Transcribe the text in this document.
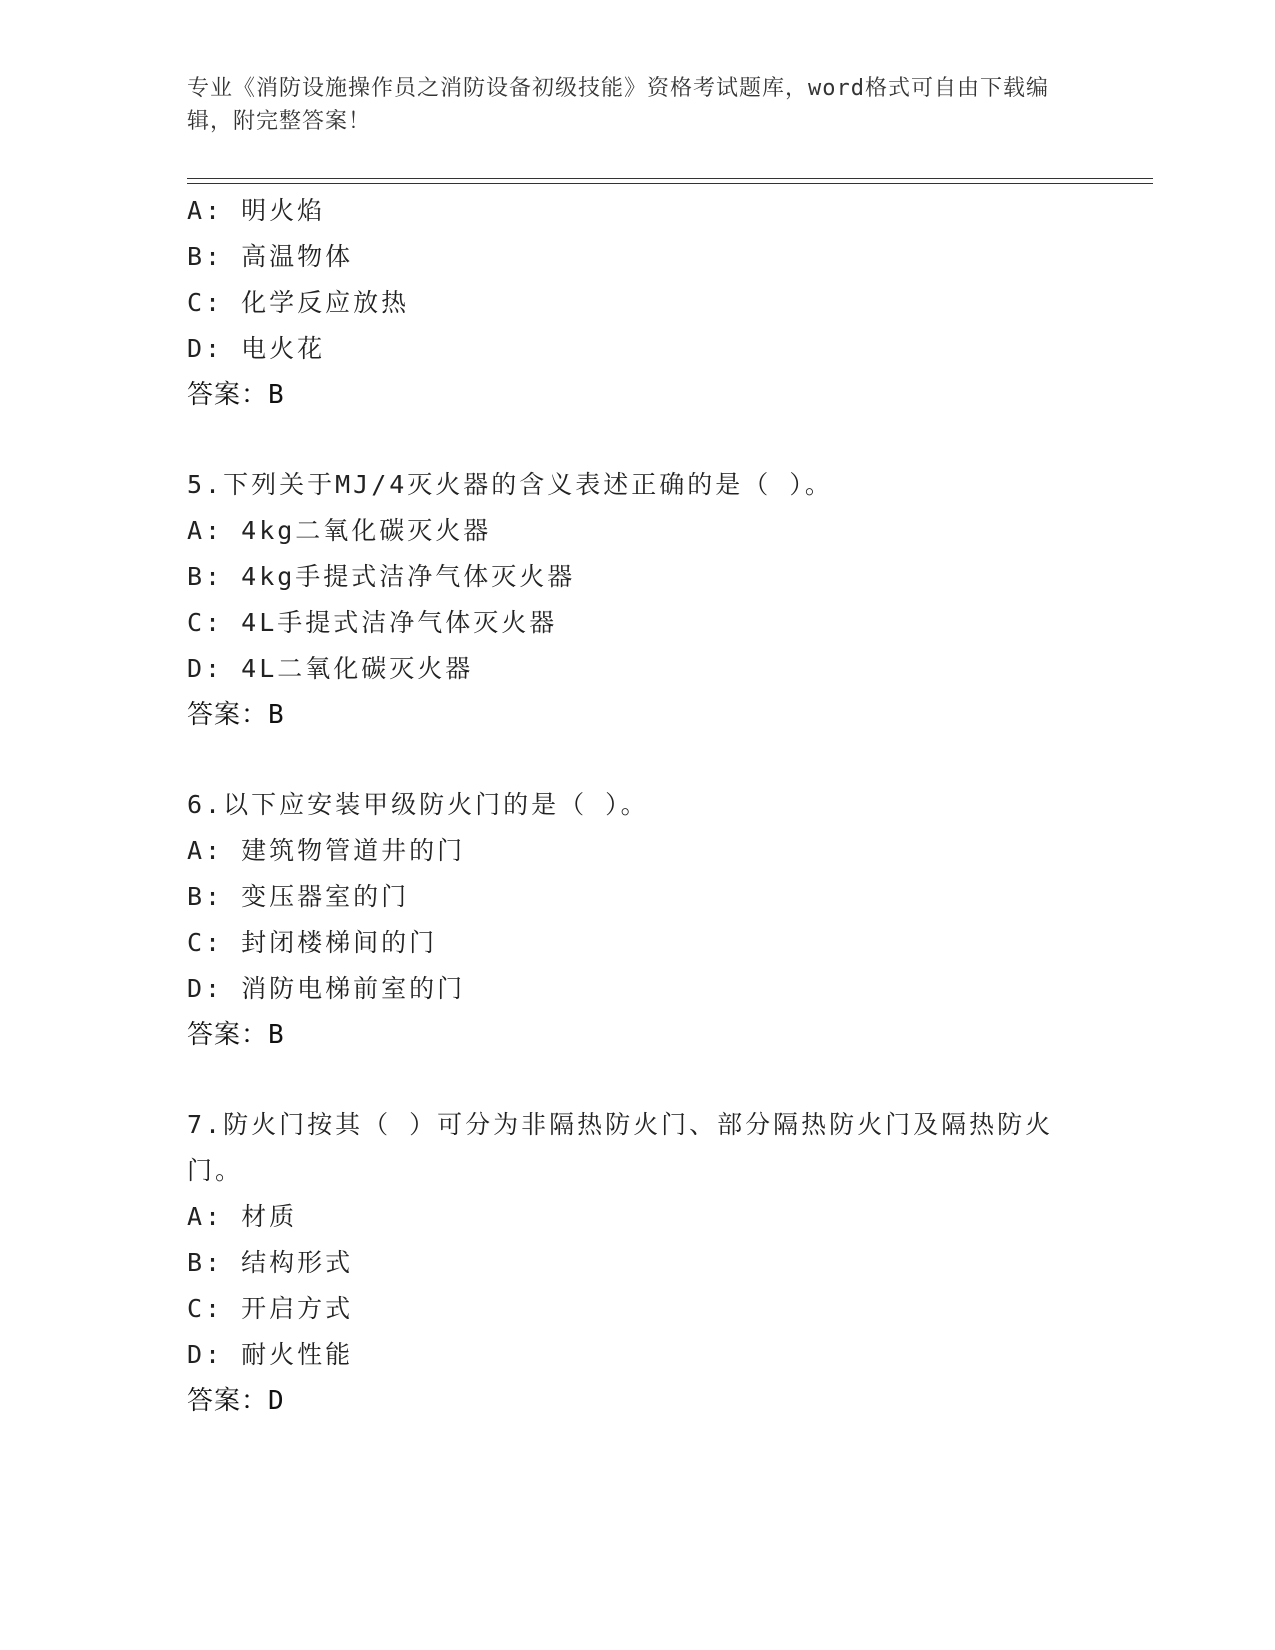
专业《消防设施操作员之消防设备初级技能》资格考试题库，word格式可自由下载编辑，附完整答案！
A: 明火焰
B: 高温物体
C: 化学反应放热
D: 电火花
答案：B
5.下列关于MJ/4灭火器的含义表述正确的是（ ）。
A: 4kg二氧化碳灭火器
B: 4kg手提式洁净气体灭火器
C: 4L手提式洁净气体灭火器
D: 4L二氧化碳灭火器
答案：B
6.以下应安装甲级防火门的是（ ）。
A: 建筑物管道井的门
B: 变压器室的门
C: 封闭楼梯间的门
D: 消防电梯前室的门
答案：B
7.防火门按其（ ）可分为非隔热防火门、部分隔热防火门及隔热防火门。
A: 材质
B: 结构形式
C: 开启方式
D: 耐火性能
答案：D
